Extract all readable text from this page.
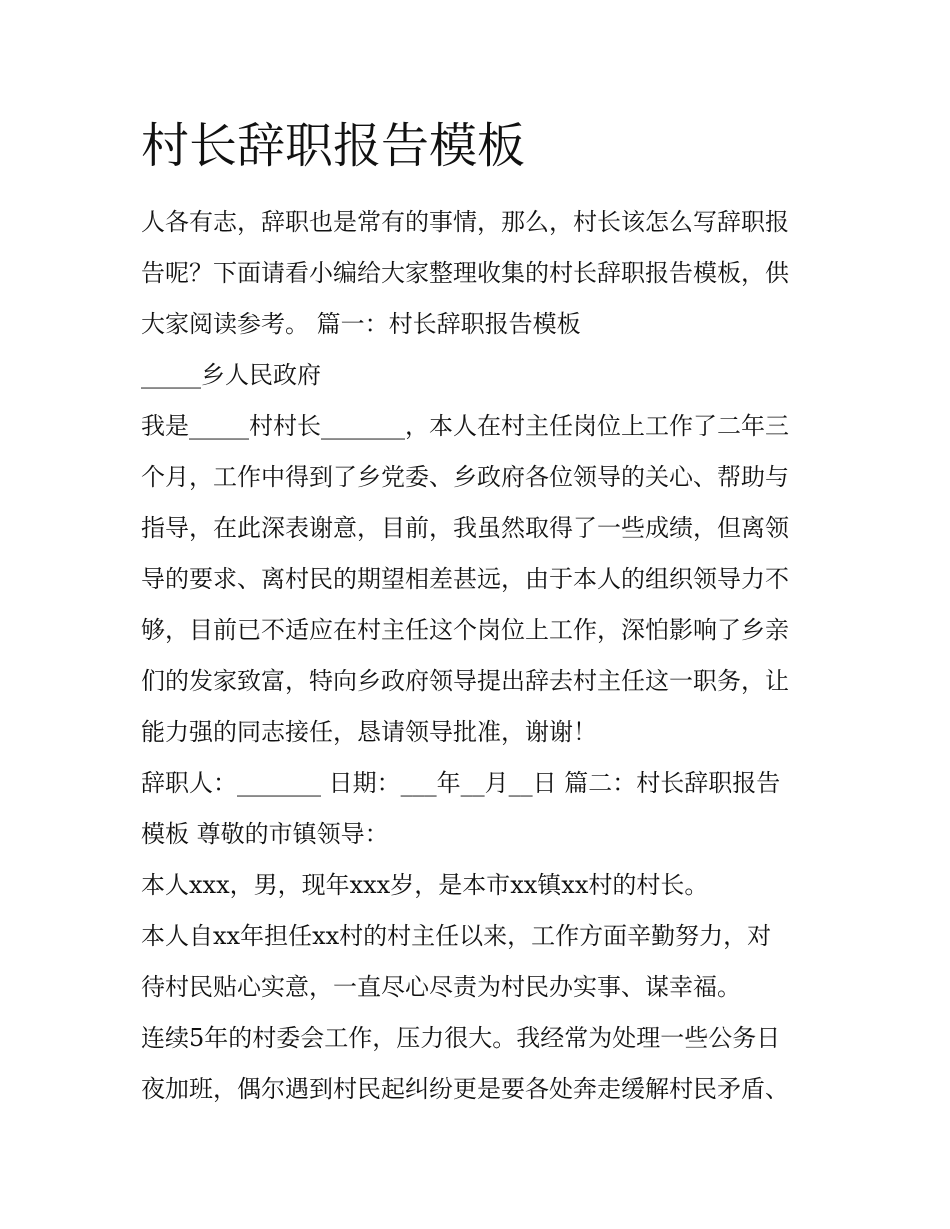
村长辞职报告模板

人各有志，辞职也是常有的事情，那么，村长该怎么写辞职报

告呢？下面请看小编给大家整理收集的村长辞职报告模板，供

大家阅读参考。 篇一：村长辞职报告模板

_____乡人民政府

我是_____村村长_______，本人在村主任岗位上工作了二年三

个月，工作中得到了乡党委、乡政府各位领导的关心、帮助与

指导，在此深表谢意，目前，我虽然取得了一些成绩，但离领

导的要求、离村民的期望相差甚远，由于本人的组织领导力不

够，目前已不适应在村主任这个岗位上工作，深怕影响了乡亲

们的发家致富，特向乡政府领导提出辞去村主任这一职务，让

能力强的同志接任，恳请领导批准，谢谢！

辞职人：_______ 日期：___年__月__日 篇二：村长辞职报告

模板 尊敬的市镇领导：

本人xxx，男，现年xxx岁，是本市xx镇xx村的村长。

本人自xx年担任xx村的村主任以来，工作方面辛勤努力，对

待村民贴心实意，一直尽心尽责为村民办实事、谋幸福。

连续5年的村委会工作，压力很大。我经常为处理一些公务日

夜加班，偶尔遇到村民起纠纷更是要各处奔走缓解村民矛盾、
